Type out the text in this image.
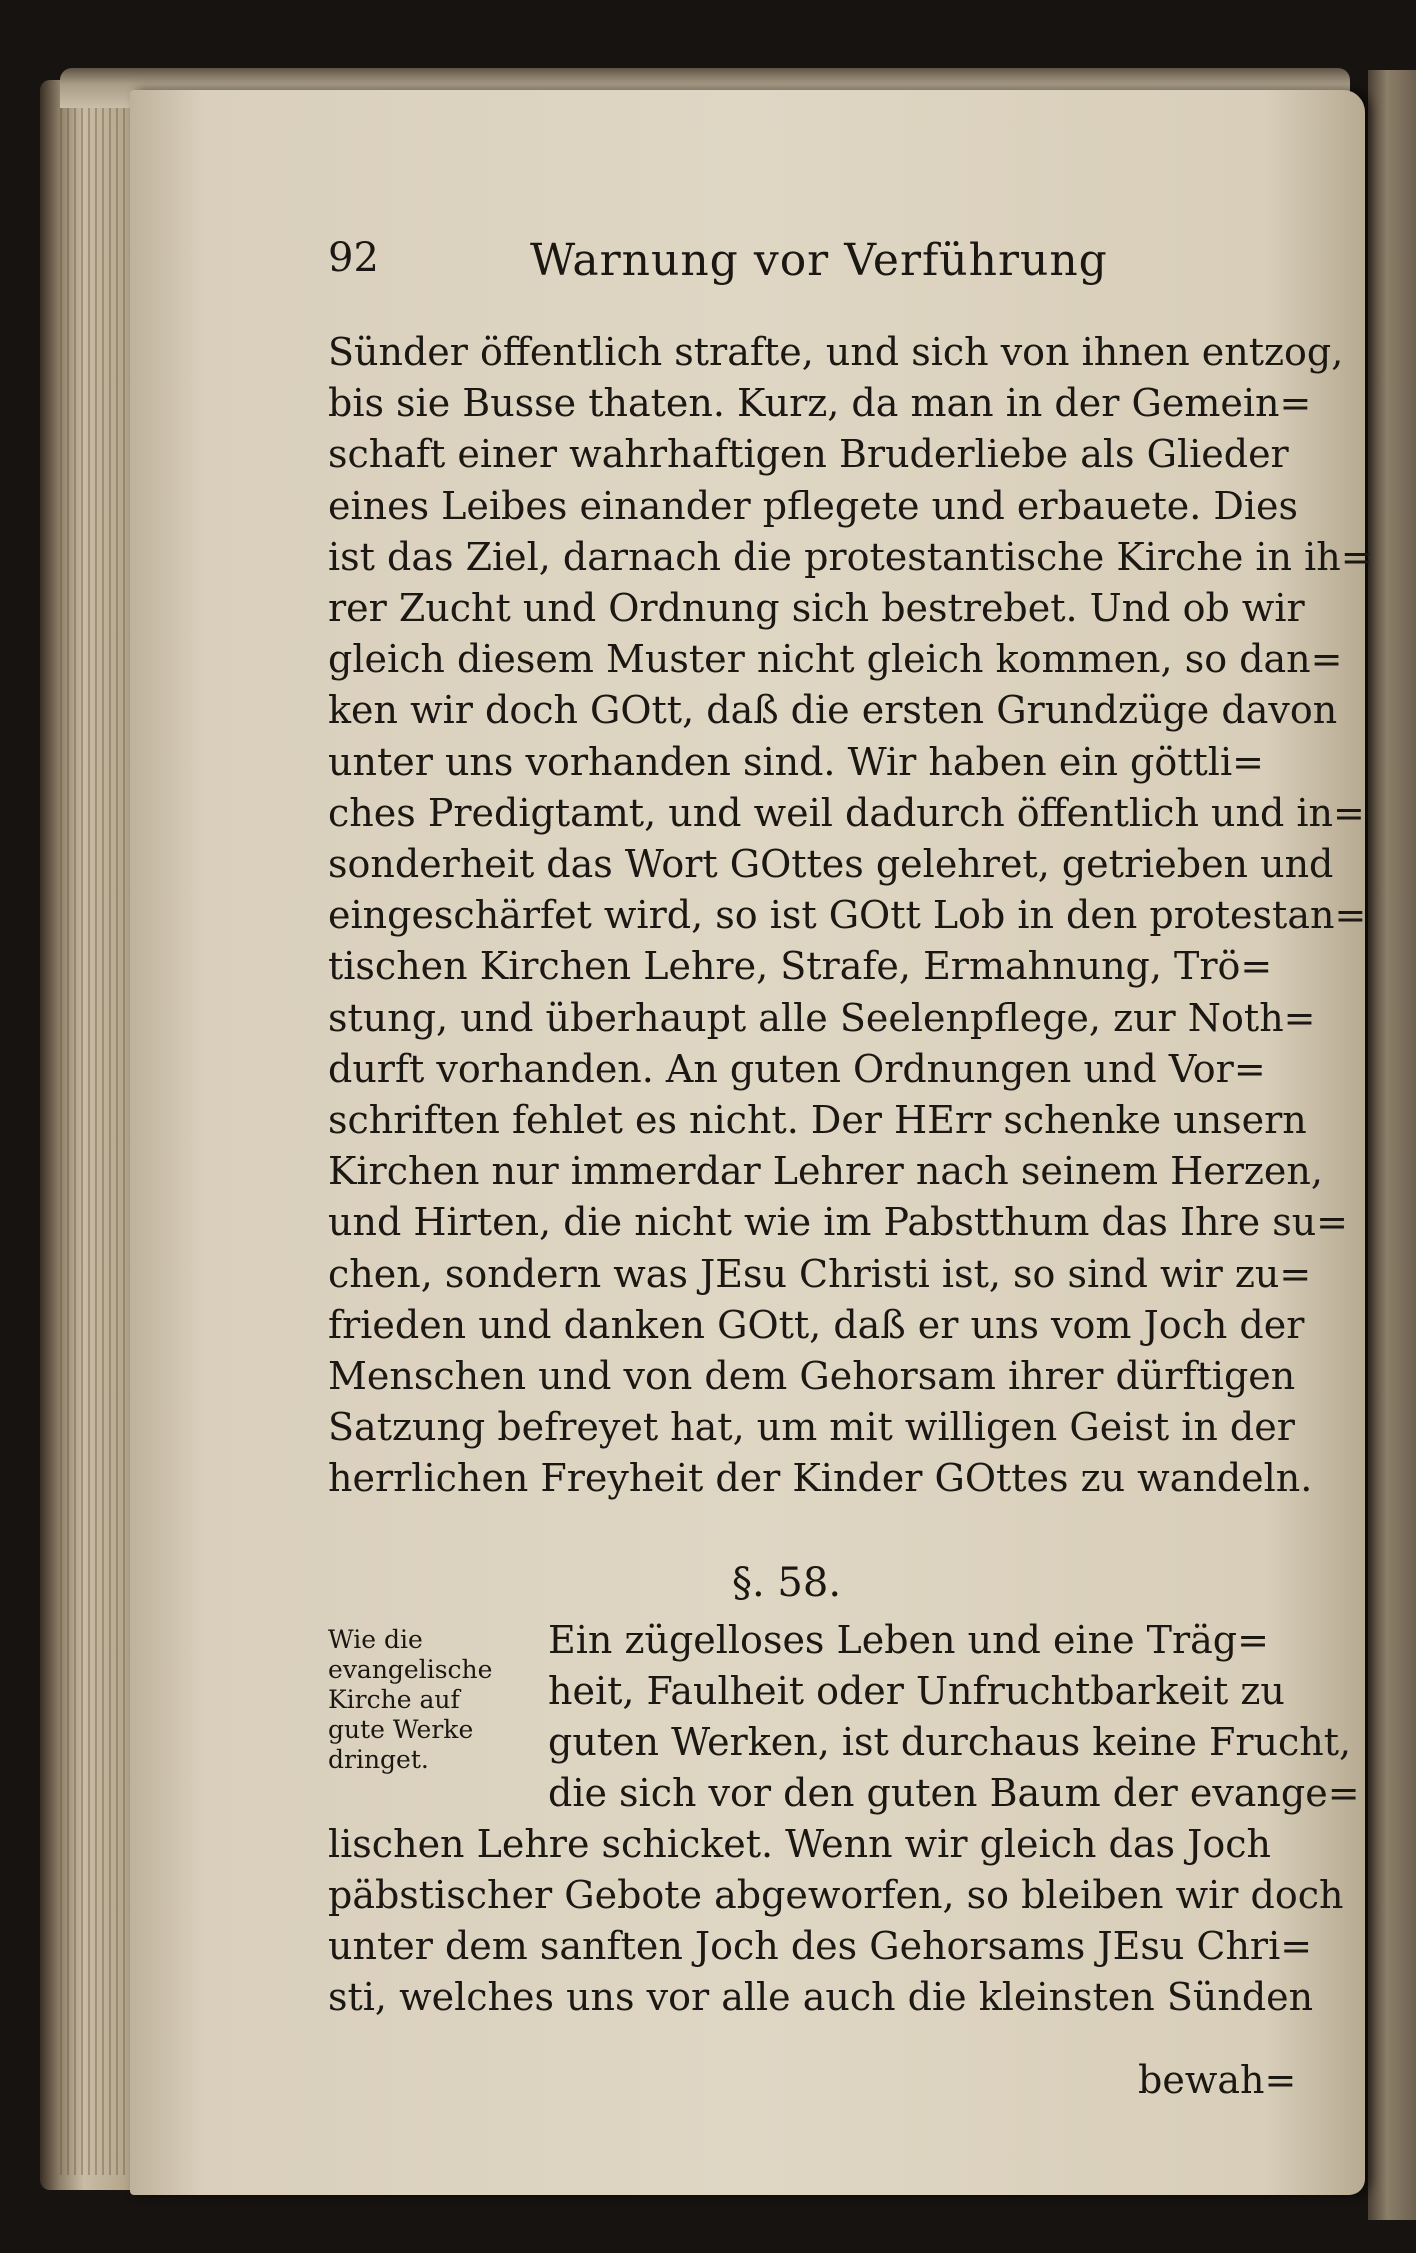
92	Warnung vor Verführung
Sünder öffentlich strafte, und sich von ihnen entzog,
bis sie Busse thaten. Kurz, da man in der Gemein=
schaft einer wahrhaftigen Bruderliebe als Glieder
eines Leibes einander pflegete und erbauete. Dies
ist das Ziel, darnach die protestantische Kirche in ih=
rer Zucht und Ordnung sich bestrebet. Und ob wir
gleich diesem Muster nicht gleich kommen, so dan=
ken wir doch GOtt, daß die ersten Grundzüge davon
unter uns vorhanden sind. Wir haben ein göttli=
ches Predigtamt, und weil dadurch öffentlich und in=
sonderheit das Wort GOttes gelehret, getrieben und
eingeschärfet wird, so ist GOtt Lob in den protestan=
tischen Kirchen Lehre, Strafe, Ermahnung, Trö=
stung, und überhaupt alle Seelenpflege, zur Noth=
durft vorhanden. An guten Ordnungen und Vor=
schriften fehlet es nicht. Der HErr schenke unsern
Kirchen nur immerdar Lehrer nach seinem Herzen,
und Hirten, die nicht wie im Pabstthum das Ihre su=
chen, sondern was JEsu Christi ist, so sind wir zu=
frieden und danken GOtt, daß er uns vom Joch der
Menschen und von dem Gehorsam ihrer dürftigen
Satzung befreyet hat, um mit willigen Geist in der
herrlichen Freyheit der Kinder GOttes zu wandeln.
§. 58.
Wie die
evangelische
Kirche auf
gute Werke
dringet.
Ein zügelloses Leben und eine Träg=
heit, Faulheit oder Unfruchtbarkeit zu
guten Werken, ist durchaus keine Frucht,
die sich vor den guten Baum der evange=
lischen Lehre schicket. Wenn wir gleich das Joch
päbstischer Gebote abgeworfen, so bleiben wir doch
unter dem sanften Joch des Gehorsams JEsu Chri=
sti, welches uns vor alle auch die kleinsten Sünden
bewah=
